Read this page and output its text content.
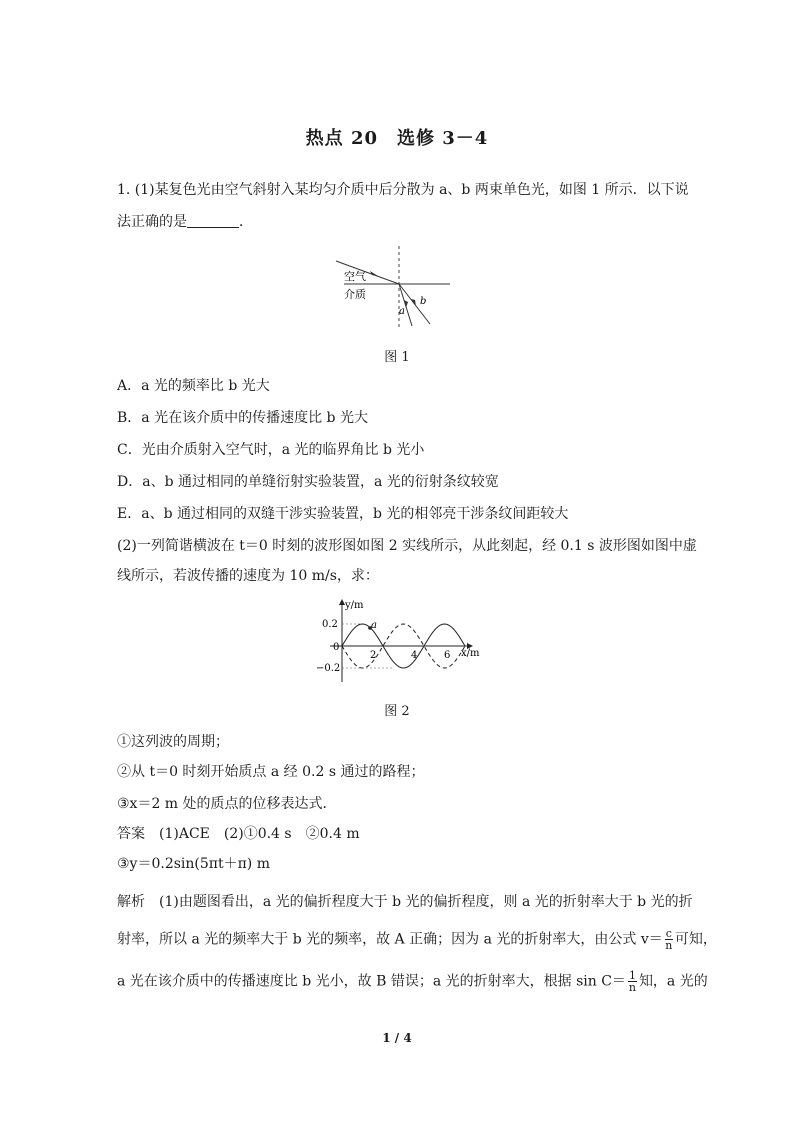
热点 20　选修 3－4
1. (1)某复色光由空气斜射入某均匀介质中后分散为 a、b 两束单色光，如图 1 所示．以下说
法正确的是	．
空气
介质
a
b
图 1
A．a 光的频率比 b 光大
B．a 光在该介质中的传播速度比 b 光大
C．光由介质射入空气时，a 光的临界角比 b 光小
D．a、b 通过相同的单缝衍射实验装置，a 光的衍射条纹较宽
E．a、b 通过相同的双缝干涉实验装置，b 光的相邻亮干涉条纹间距较大
(2)一列简谐横波在 t＝0 时刻的波形图如图 2 实线所示，从此刻起，经 0.1 s 波形图如图中虚
线所示，若波传播的速度为 10 m/s，求：
y/m
x/m
0.2
0
−0.2
2	4	6
a
图 2
①这列波的周期；
②从 t＝0 时刻开始质点 a 经 0.2 s 通过的路程；
③x＝2 m 处的质点的位移表达式．
答案　(1)ACE　(2)①0.4 s　②0.4 m
③y＝0.2sin(5πt＋π) m
解析　(1)由题图看出，a 光的偏折程度大于 b 光的偏折程度，则 a 光的折射率大于 b 光的折
射率，所以 a 光的频率大于 b 光的频率，故 A 正确；因为 a 光的折射率大，由公式 $v= \frac{c}{n}$ 可知，
a 光在该介质中的传播速度比 b 光小，故 B 错误；a 光的折射率大，根据 $\sin C= \frac{1}{n}$ 知，a 光的
1 / 4
